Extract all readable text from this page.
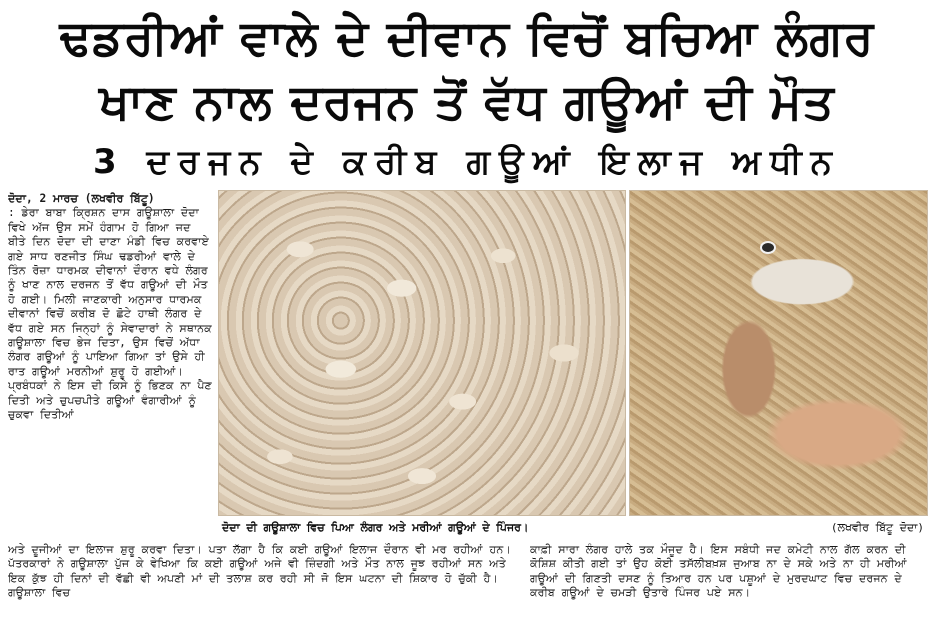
ਢਡਰੀਆਂ ਵਾਲੇ ਦੇ ਦੀਵਾਨ ਵਿਚੋਂ ਬਚਿਆ ਲੰਗਰ
ਖਾਣ ਨਾਲ ਦਰਜਨ ਤੋਂ ਵੱਧ ਗਊਆਂ ਦੀ ਮੌਤ
3 ਦਰਜਨ ਦੇ ਕਰੀਬ ਗਊਆਂ ਇਲਾਜ ਅਧੀਨ
ਦੋਦਾ, 2 ਮਾਰਚ (ਲਖਵੀਰ ਬਿੱਟੂ)
: ਡੇਰਾ ਬਾਬਾ ਕ੍ਰਿਸ਼ਨ ਦਾਸ ਗਊਸ਼ਾਲਾ ਦੋਦਾ ਵਿਖੇ ਅੱਜ ਉਸ ਸਮੇਂ ਹੰਗਾਮ ਹੋ ਗਿਆ ਜਦ ਬੀਤੇ ਦਿਨ ਦੋਦਾ ਦੀ ਦਾਣਾ ਮੰਡੀ ਵਿਚ ਕਰਵਾਏ ਗਏ ਸਾਧ ਰਣਜੀਤ ਸਿੰਘ ਢਡਰੀਆਂ ਵਾਲੇ ਦੇ ਤਿੰਨ ਰੋਜ਼ਾ ਧਾਰਮਕ ਦੀਵਾਨਾਂ ਦੌਰਾਨ ਵਧੇ ਲੰਗਰ ਨੂੰ ਖਾਣ ਨਾਲ ਦਰਜਨ ਤੋਂ ਵੱਧ ਗਊਆਂ ਦੀ ਮੌਤ ਹੋ ਗਈ। ਮਿਲੀ ਜਾਣਕਾਰੀ ਅਨੁਸਾਰ ਧਾਰਮਕ ਦੀਵਾਨਾਂ ਵਿਚੋਂ ਕਰੀਬ ਦੋ ਛੋਟੇ ਹਾਥੀ ਲੰਗਰ ਦੇ ਵੱਧ ਗਏ ਸਨ ਜਿਨ੍ਹਾਂ ਨੂੰ ਸੇਵਾਦਾਰਾਂ ਨੇ ਸਥਾਨਕ ਗਊਸ਼ਾਲਾ ਵਿਚ ਭੇਜ ਦਿਤਾ, ਉਸ ਵਿਚੋਂ ਅੱਧਾ ਲੰਗਰ ਗਊਆਂ ਨੂੰ ਪਾਇਆ ਗਿਆ ਤਾਂ ਉਸੇ ਹੀ ਰਾਤ ਗਊਆਂ ਮਰਨੀਆਂ ਸ਼ੁਰੂ ਹੋ ਗਈਆਂ। ਪ੍ਰਬੰਧਕਾਂ ਨੇ ਇਸ ਦੀ ਕਿਸੇ ਨੂੰ ਭਿਣਕ ਨਾ ਪੈਣ ਦਿਤੀ ਅਤੇ ਚੁਪਚਪੀਤੇ ਗਊਆਂ ਵੰਗਾਰੀਆਂ ਨੂੰ ਚੁਕਵਾ ਦਿਤੀਆਂ
ਦੋਦਾ ਦੀ ਗਊਸ਼ਾਲਾ ਵਿਚ ਪਿਆ ਲੰਗਰ ਅਤੇ ਮਰੀਆਂ ਗਊਆਂ ਦੇ ਪਿੰਜਰ।	(ਲਖਵੀਰ ਬਿੱਟੂ ਦੋਦਾ)
ਅਤੇ ਦੂਜੀਆਂ ਦਾ ਇਲਾਜ ਸ਼ੁਰੂ ਕਰਵਾ ਦਿਤਾ। ਪਤਾ ਲੱਗਾ ਹੈ ਕਿ ਕਈ ਗਊਆਂ ਇਲਾਜ ਦੌਰਾਨ ਵੀ ਮਰ ਰਹੀਆਂ ਹਨ। ਪੱਤਰਕਾਰਾਂ ਨੇ ਗਊਸ਼ਾਲਾ ਪੁੱਜ ਕੇ ਵੇਖਿਆ ਕਿ ਕਈ ਗਊਆਂ ਅਜੇ ਵੀ ਜ਼ਿੰਦਗੀ ਅਤੇ ਮੌਤ ਨਾਲ ਜੂਝ ਰਹੀਆਂ ਸਨ ਅਤੇ ਇਕ ਕੁੱਝ ਹੀ ਦਿਨਾਂ ਦੀ ਵੱਛੀ ਵੀ ਅਪਣੀ ਮਾਂ ਦੀ ਤਲਾਸ਼ ਕਰ ਰਹੀ ਸੀ ਜੋ ਇਸ ਘਟਨਾ ਦੀ ਸ਼ਿਕਾਰ ਹੋ ਚੁੱਕੀ ਹੈ। ਗਊਸ਼ਾਲਾ ਵਿਚ
ਕਾਫ਼ੀ ਸਾਰਾ ਲੰਗਰ ਹਾਲੇ ਤਕ ਮੌਜੂਦ ਹੈ। ਇਸ ਸਬੰਧੀ ਜਦ ਕਮੇਟੀ ਨਾਲ ਗੱਲ ਕਰਨ ਦੀ ਕੋਸ਼ਿਸ਼ ਕੀਤੀ ਗਈ ਤਾਂ ਉਹ ਕੋਈ ਤਸੱਲੀਬਖ਼ਸ਼ ਜੁਆਬ ਨਾ ਦੇ ਸਕੇ ਅਤੇ ਨਾ ਹੀ ਮਰੀਆਂ ਗਊਆਂ ਦੀ ਗਿਣਤੀ ਦਸਣ ਨੂੰ ਤਿਆਰ ਹਨ ਪਰ ਪਸ਼ੂਆਂ ਦੇ ਮੁਰਦਘਾਟ ਵਿਚ ਦਰਜਨ ਦੇ ਕਰੀਬ ਗਊਆਂ ਦੇ ਚਮੜੀ ਉਤਾਰੇ ਪਿੰਜਰ ਪਏ ਸਨ।
